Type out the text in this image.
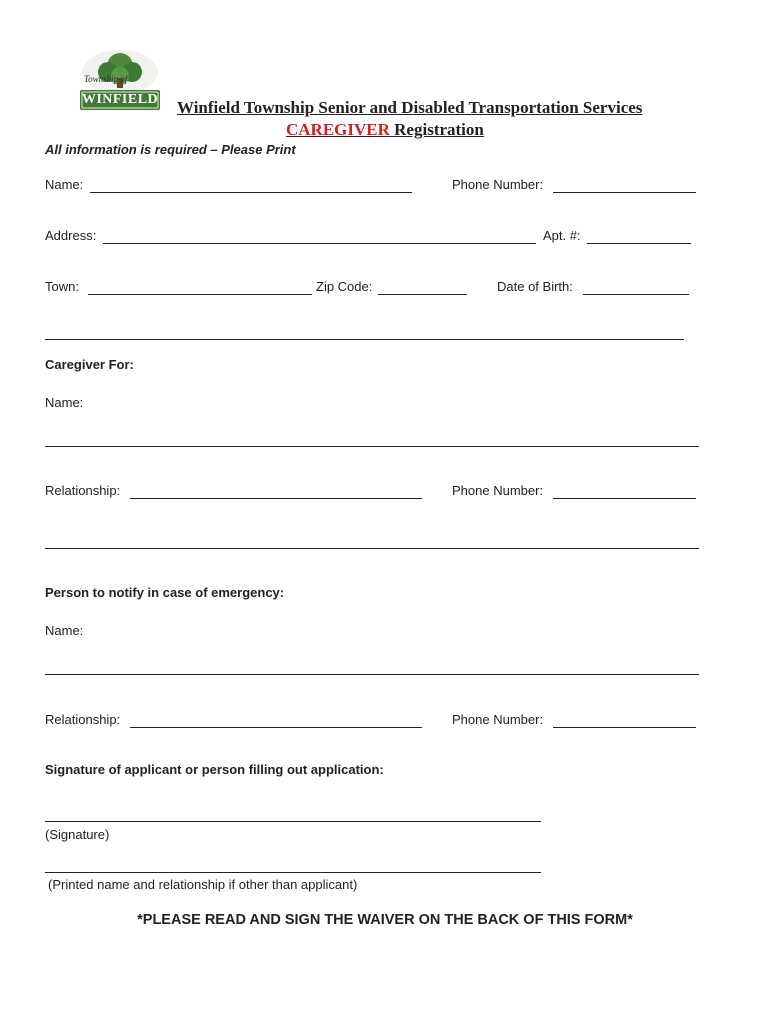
Township of
WINFIELD	Winfield Township Senior and Disabled Transportation Services
CAREGIVER Registration
All information is required – Please Print
Name:	Phone Number:
Address:	Apt. #:
Town:	Zip Code:	Date of Birth:
Caregiver For:
Name:
Relationship:	Phone Number:
Person to notify in case of emergency:
Name:
Relationship:	Phone Number:
Signature of applicant or person filling out application:
(Signature)
(Printed name and relationship if other than applicant)
*PLEASE READ AND SIGN THE WAIVER ON THE BACK OF THIS FORM*
